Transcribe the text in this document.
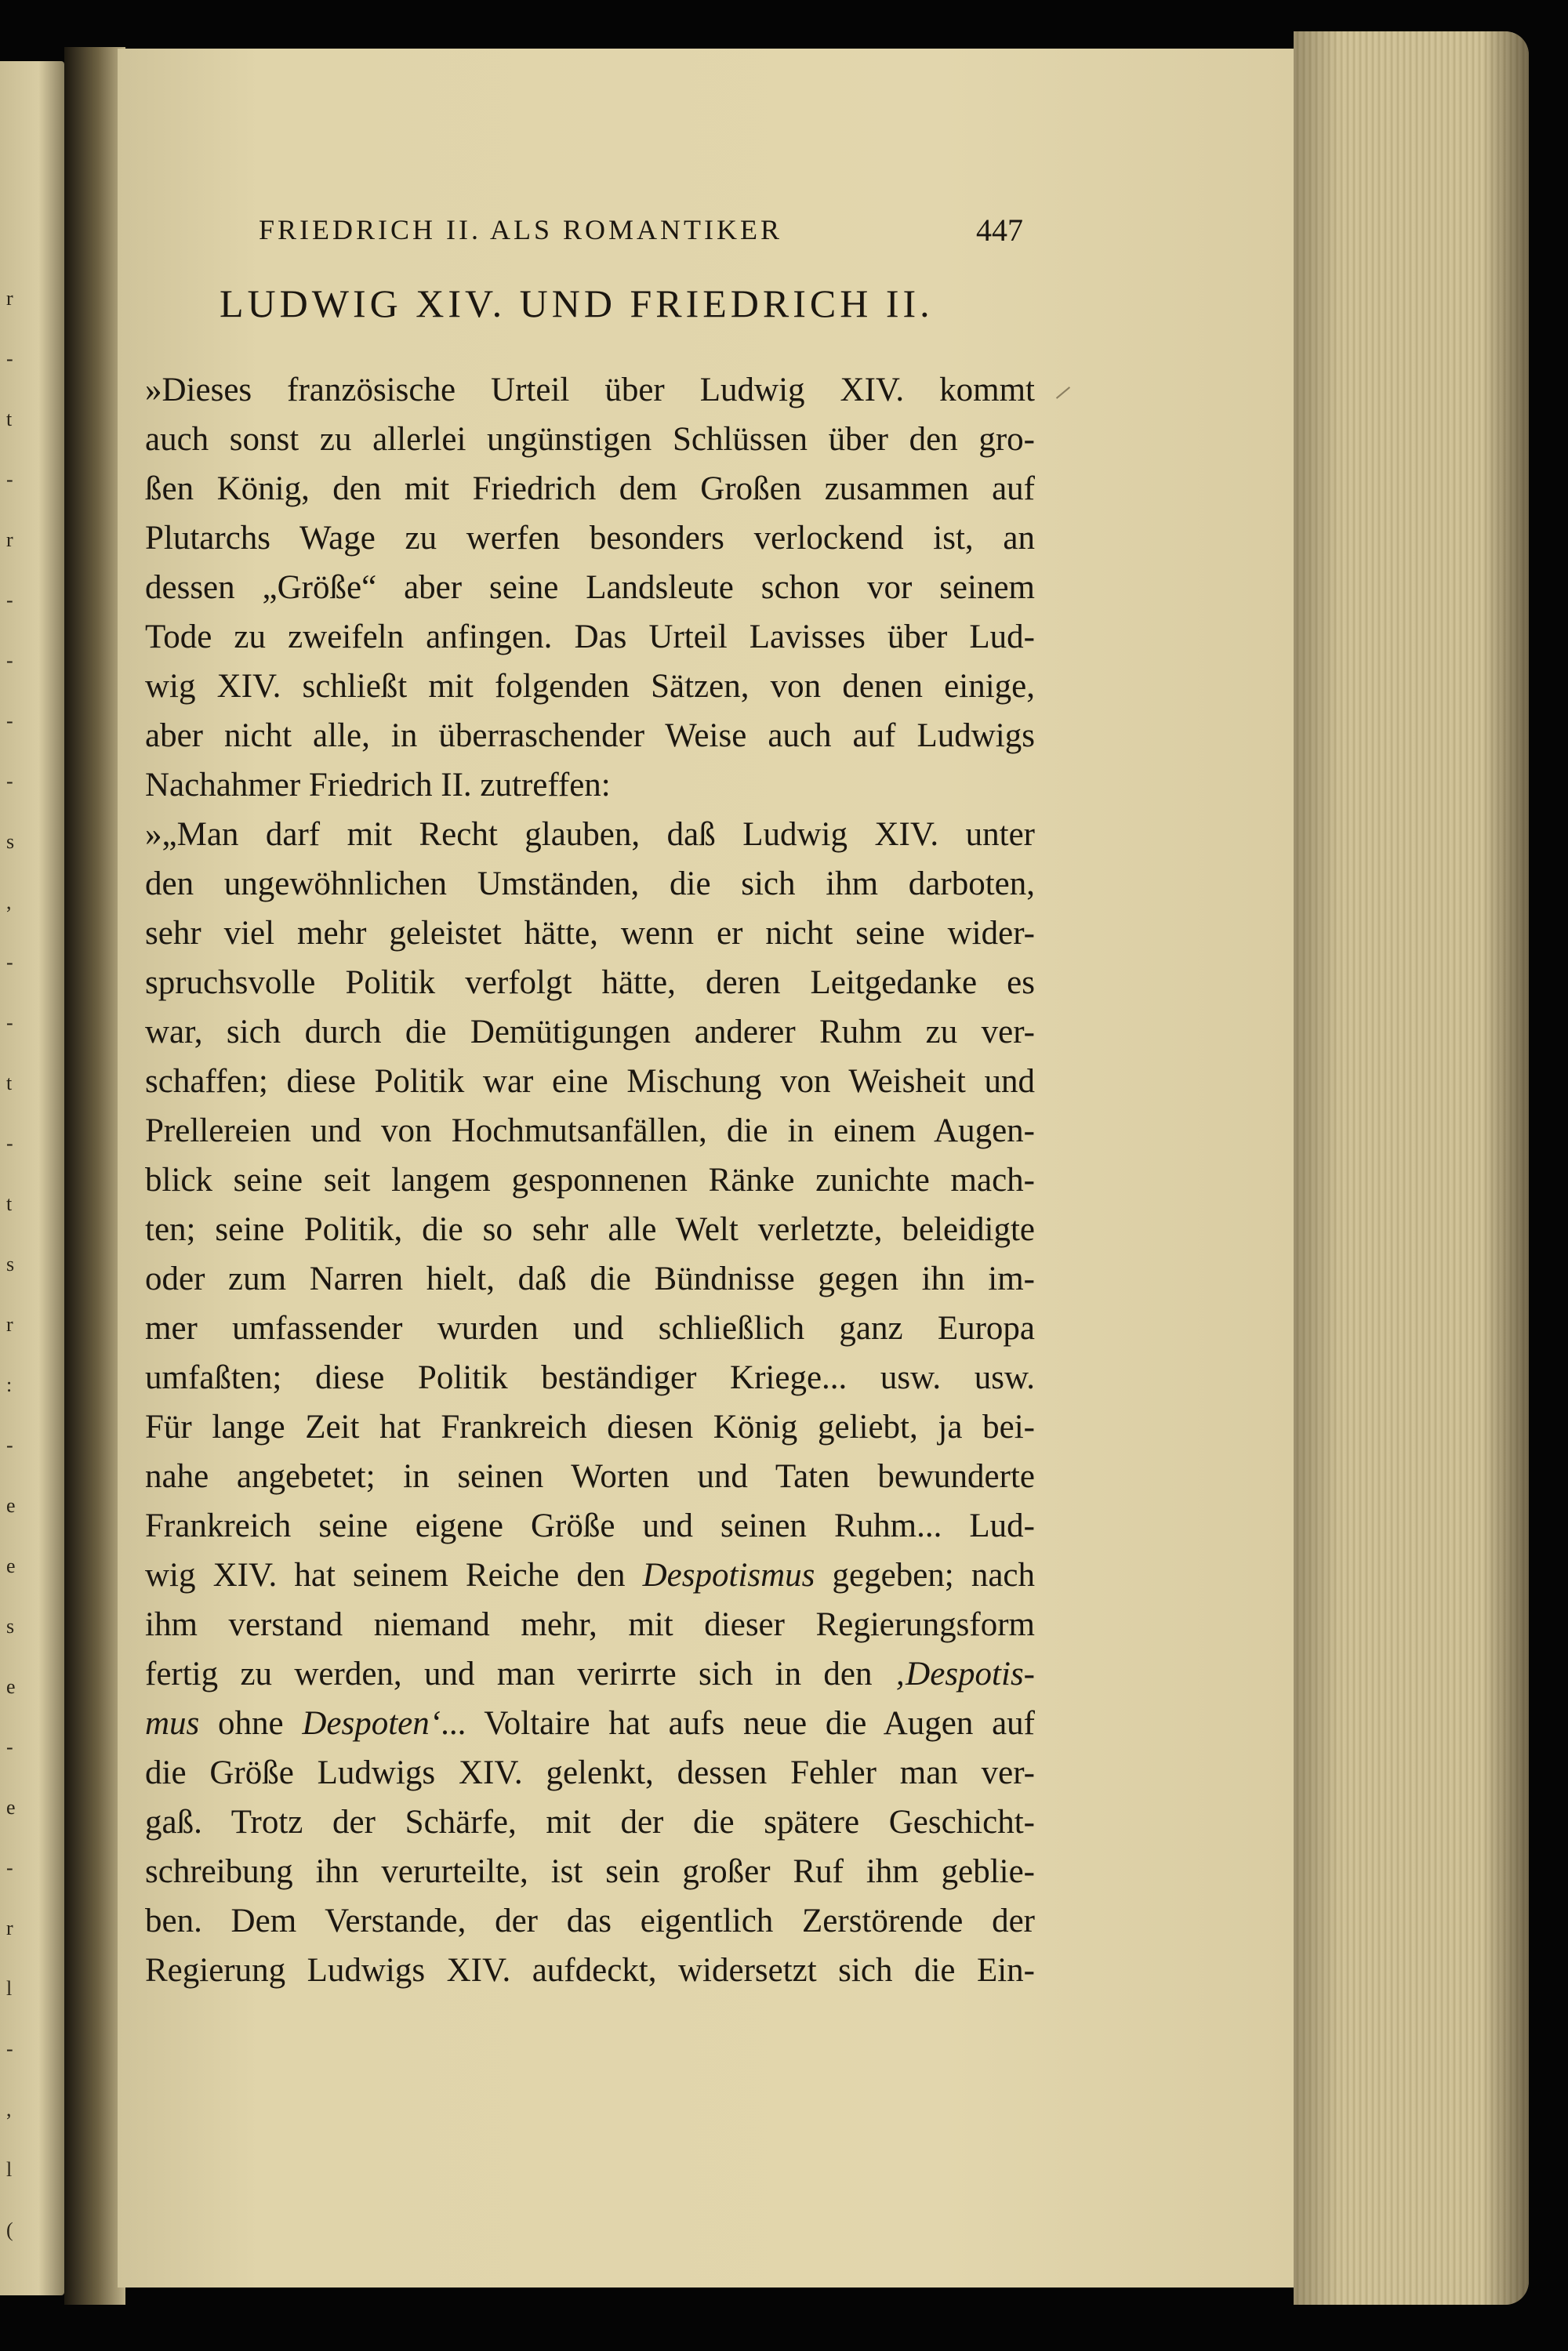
r
-
t
-
r
-
-
-
-
s
,
-
-
t
-
t
s
r
:
-
e
e
s
e
-
e
-
r
l
-
,
l
(
FRIEDRICH II. ALS ROMANTIKER	447
LUDWIG XIV. UND FRIEDRICH II.
»Dieses französische Urteil über Ludwig XIV. kommt
auch sonst zu allerlei ungünstigen Schlüssen über den gro-
ßen König, den mit Friedrich dem Großen zusammen auf
Plutarchs Wage zu werfen besonders verlockend ist, an
dessen „Größe“ aber seine Landsleute schon vor seinem
Tode zu zweifeln anfingen. Das Urteil Lavisses über Lud-
wig XIV. schließt mit folgenden Sätzen, von denen einige,
aber nicht alle, in überraschender Weise auch auf Ludwigs
Nachahmer Friedrich II. zutreffen:
»„Man darf mit Recht glauben, daß Ludwig XIV. unter
den ungewöhnlichen Umständen, die sich ihm darboten,
sehr viel mehr geleistet hätte, wenn er nicht seine wider-
spruchsvolle Politik verfolgt hätte, deren Leitgedanke es
war, sich durch die Demütigungen anderer Ruhm zu ver-
schaffen; diese Politik war eine Mischung von Weisheit und
Prellereien und von Hochmutsanfällen, die in einem Augen-
blick seine seit langem gesponnenen Ränke zunichte mach-
ten; seine Politik, die so sehr alle Welt verletzte, beleidigte
oder zum Narren hielt, daß die Bündnisse gegen ihn im-
mer umfassender wurden und schließlich ganz Europa
umfaßten; diese Politik beständiger Kriege... usw. usw.
Für lange Zeit hat Frankreich diesen König geliebt, ja bei-
nahe angebetet; in seinen Worten und Taten bewunderte
Frankreich seine eigene Größe und seinen Ruhm... Lud-
wig XIV. hat seinem Reiche den Despotismus gegeben; nach
ihm verstand niemand mehr, mit dieser Regierungsform
fertig zu werden, und man verirrte sich in den ‚Despotis-
mus ohne Despoten‘... Voltaire hat aufs neue die Augen auf
die Größe Ludwigs XIV. gelenkt, dessen Fehler man ver-
gaß. Trotz der Schärfe, mit der die spätere Geschicht-
schreibung ihn verurteilte, ist sein großer Ruf ihm geblie-
ben. Dem Verstande, der das eigentlich Zerstörende der
Regierung Ludwigs XIV. aufdeckt, widersetzt sich die Ein-
